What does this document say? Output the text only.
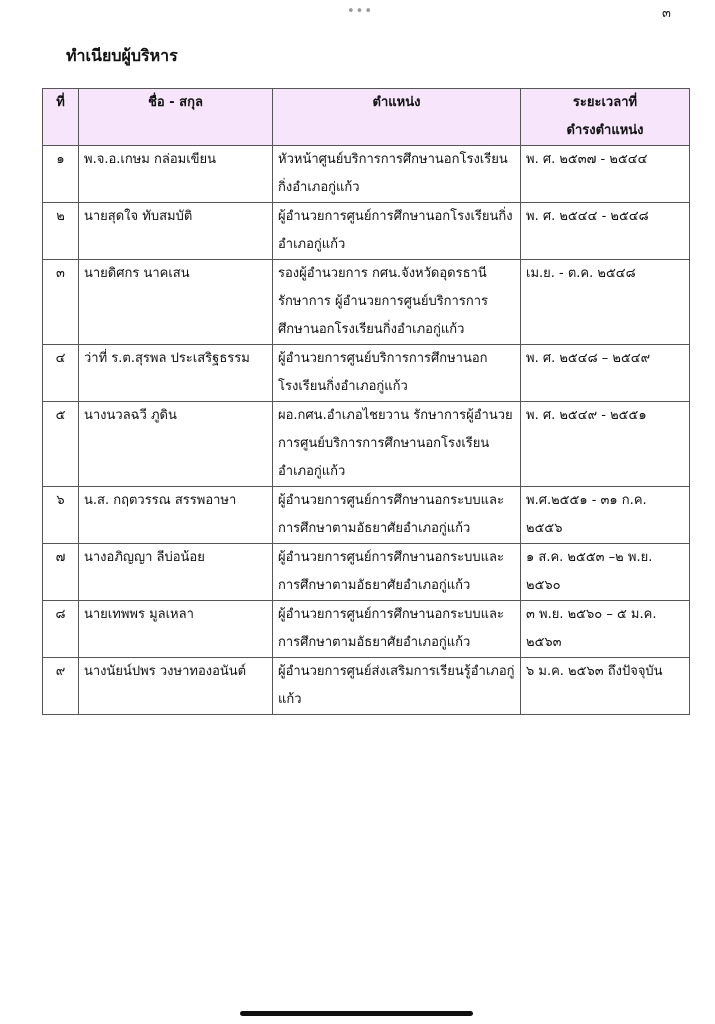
•••	๓
ทำเนียบผู้บริหาร
ที่	ชื่อ - สกุล	ตำแหน่ง	ระยะเวลาที่
ดำรงตำแหน่ง
๑	พ.จ.อ.เกษม กล่อมเขียน	หัวหน้าศูนย์บริการการศึกษานอกโรงเรียนกิ่งอำเภอกู่แก้ว	พ. ศ. ๒๕๓๗ - ๒๕๔๔
๒	นายสุดใจ ทับสมบัติ	ผู้อำนวยการศูนย์การศึกษานอกโรงเรียนกิ่งอำเภอกู่แก้ว	พ. ศ. ๒๕๔๔ - ๒๕๔๘
๓	นายดิศกร นาคเสน	รองผู้อำนวยการ กศน.จังหวัดอุดรธานี รักษาการ ผู้อำนวยการศูนย์บริการการศึกษานอกโรงเรียนกิ่งอำเภอกู่แก้ว	เม.ย. - ต.ค. ๒๕๔๘
๔	ว่าที่ ร.ต.สุรพล ประเสริฐธรรม	ผู้อำนวยการศูนย์บริการการศึกษานอกโรงเรียนกิ่งอำเภอกู่แก้ว	พ. ศ. ๒๕๔๘ – ๒๕๔๙
๕	นางนวลฉวี ภูดิน	ผอ.กศน.อำเภอไชยวาน รักษาการผู้อำนวยการศูนย์บริการการศึกษานอกโรงเรียนอำเภอกู่แก้ว	พ. ศ. ๒๕๔๙ - ๒๕๕๑
๖	น.ส. กฤตวรรณ สรรพอาษา	ผู้อำนวยการศูนย์การศึกษานอกระบบและการศึกษาตามอัธยาศัยอำเภอกู่แก้ว	พ.ศ.๒๕๕๑ - ๓๑ ก.ค.
๒๕๕๖
๗	นางอภิญญา ลีบ่อน้อย	ผู้อำนวยการศูนย์การศึกษานอกระบบและการศึกษาตามอัธยาศัยอำเภอกู่แก้ว	๑ ส.ค. ๒๕๕๓ –๒ พ.ย.
๒๕๖๐
๘	นายเทพพร มูลเหลา	ผู้อำนวยการศูนย์การศึกษานอกระบบและการศึกษาตามอัธยาศัยอำเภอกู่แก้ว	๓ พ.ย. ๒๕๖๐ – ๕ ม.ค.
๒๕๖๓
๙	นางนัยน์ปพร วงษาทองอนันต์	ผู้อำนวยการศูนย์ส่งเสริมการเรียนรู้อำเภอกู่แก้ว	๖ ม.ค. ๒๕๖๓ ถึงปัจจุบัน
